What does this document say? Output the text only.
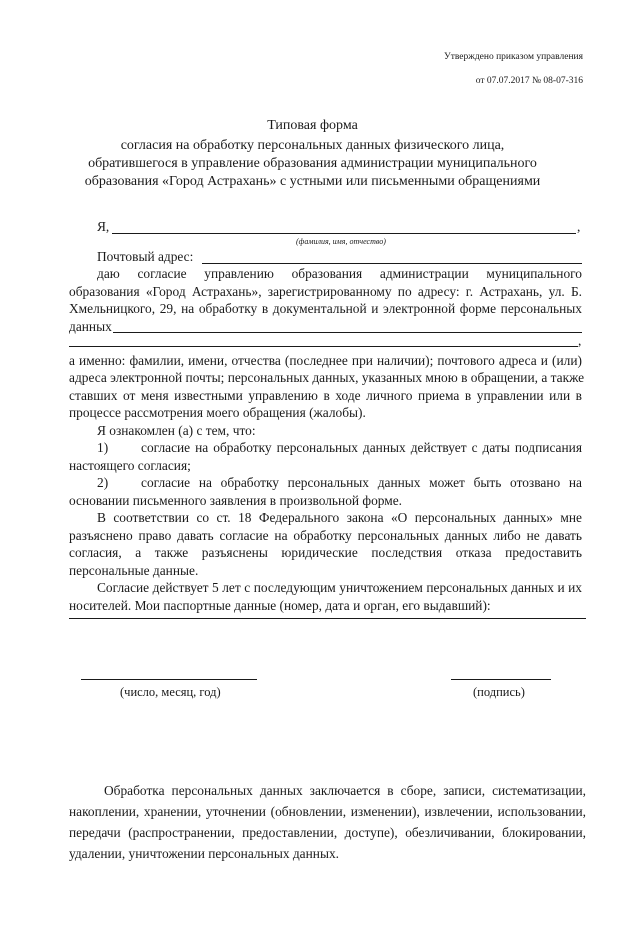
Утверждено приказом управления
от 07.07.2017 № 08-07-316
Типовая форма
согласия на обработку персональных данных физического лица,
обратившегося в управление образования администрации муниципального
образования «Город Астрахань» с устными или письменными обращениями
Я,	,
(фамилия, имя, отчество)
Почтовый адрес:
даю согласие управлению образования администрации муниципального
образования «Город Астрахань», зарегистрированному по адресу: г. Астрахань, ул. Б.
Хмельницкого, 29, на обработку в документальной и электронной форме персональных
данных
,
а именно: фамилии, имени, отчества (последнее при наличии); почтового адреса и (или)
адреса электронной почты; персональных данных, указанных мною в обращении, а также
ставших от меня известными управлению в ходе личного приема в управлении или в
процессе рассмотрения моего обращения (жалобы).
Я ознакомлен (а) с тем, что:
1) согласие на обработку персональных данных действует с даты подписания
настоящего согласия;
2) согласие на обработку персональных данных может быть отозвано на
основании письменного заявления в произвольной форме.
В соответствии со ст. 18 Федерального закона «О персональных данных» мне
разъяснено право давать согласие на обработку персональных данных либо не давать
согласия, а также разъяснены юридические последствия отказа предоставить
персональные данные.
Согласие действует 5 лет с последующим уничтожением персональных данных и их
носителей. Мои паспортные данные (номер, дата и орган, его выдавший):
(число, месяц, год)	(подпись)
Обработка персональных данных заключается в сборе, записи, систематизации,
накоплении, хранении, уточнении (обновлении, изменении), извлечении, использовании,
передачи (распространении, предоставлении, доступе), обезличивании, блокировании,
удалении, уничтожении персональных данных.
